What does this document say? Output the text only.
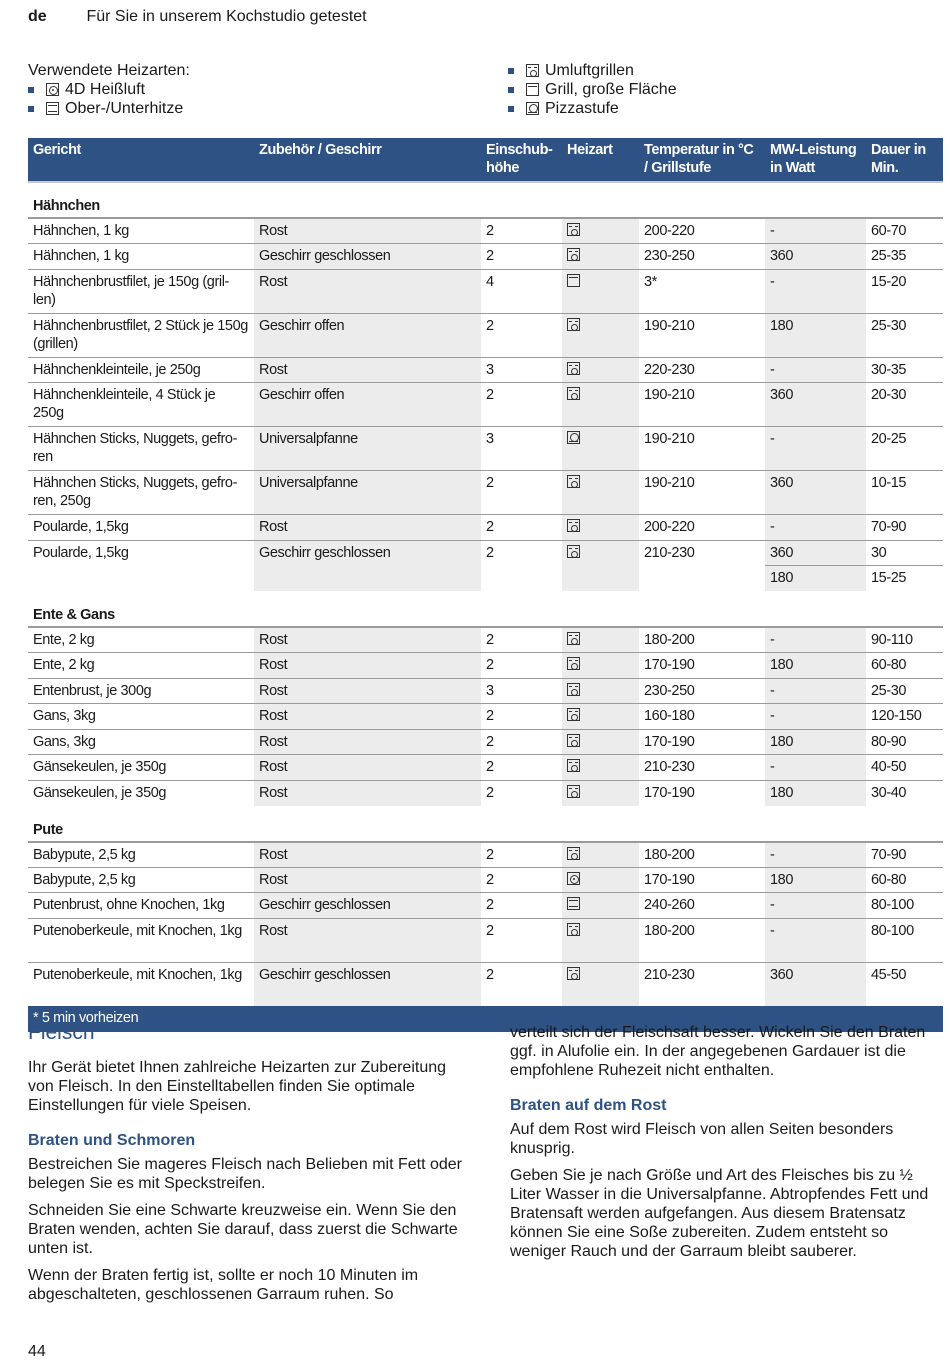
de Für Sie in unserem Kochstudio getestet
Verwendete Heizarten:
4D Heißluft
Ober-/Unterhitze
Umluftgrillen
Grill, große Fläche
Pizzastufe
Gericht	Zubehör / Geschirr	Einschub-höhe	Heizart	Temperatur in °C / Grillstufe	MW-Leistung in Watt	Dauer in Min.
Hähnchen						
Hähnchen, 1 kg	Rost	2		200-220	-	60-70
Hähnchen, 1 kg	Geschirr geschlossen	2		230-250	360	25-35
Hähnchenbrustfilet, je 150g (gril-len)	Rost	4		3*	-	15-20
Hähnchenbrustfilet, 2 Stück je 150g (grillen)	Geschirr offen	2		190-210	180	25-30
Hähnchenkleinteile, je 250g	Rost	3		220-230	-	30-35
Hähnchenkleinteile, 4 Stück je 250g	Geschirr offen	2		190-210	360	20-30
Hähnchen Sticks, Nuggets, gefro-ren	Universalpfanne	3		190-210	-	20-25
Hähnchen Sticks, Nuggets, gefro-ren, 250g	Universalpfanne	2		190-210	360	10-15
Poularde, 1,5kg	Rost	2		200-220	-	70-90
Poularde, 1,5kg	Geschirr geschlossen	2		210-230	360	30
					180	15-25
Ente & Gans						
Ente, 2 kg	Rost	2		180-200	-	90-110
Ente, 2 kg	Rost	2		170-190	180	60-80
Entenbrust, je 300g	Rost	3		230-250	-	25-30
Gans, 3kg	Rost	2		160-180	-	120-150
Gans, 3kg	Rost	2		170-190	180	80-90
Gänsekeulen, je 350g	Rost	2		210-230	-	40-50
Gänsekeulen, je 350g	Rost	2		170-190	180	30-40
Pute						
Babypute, 2,5 kg	Rost	2		180-200	-	70-90
Babypute, 2,5 kg	Rost	2		170-190	180	60-80
Putenbrust, ohne Knochen, 1kg	Geschirr geschlossen	2		240-260	-	80-100
Putenoberkeule, mit Knochen, 1kg	Rost	2		180-200	-	80-100
Putenoberkeule, mit Knochen, 1kg	Geschirr geschlossen	2		210-230	360	45-50
* 5 min vorheizen						
Fleisch

Ihr Gerät bietet Ihnen zahlreiche Heizarten zur Zubereitung von Fleisch. In den Einstelltabellen finden Sie optimale Einstellungen für viele Speisen.

Braten und Schmoren

Bestreichen Sie mageres Fleisch nach Belieben mit Fett oder belegen Sie es mit Speckstreifen.

Schneiden Sie eine Schwarte kreuzweise ein. Wenn Sie den Braten wenden, achten Sie darauf, dass zuerst die Schwarte unten ist.

Wenn der Braten fertig ist, sollte er noch 10 Minuten im abgeschalteten, geschlossenen Garraum ruhen. So

verteilt sich der Fleischsaft besser. Wickeln Sie den Braten ggf. in Alufolie ein. In der angegebenen Gardauer ist die empfohlene Ruhezeit nicht enthalten.

Braten auf dem Rost

Auf dem Rost wird Fleisch von allen Seiten besonders knusprig.

Geben Sie je nach Größe und Art des Fleisches bis zu ½ Liter Wasser in die Universalpfanne. Abtropfendes Fett und Bratensaft werden aufgefangen. Aus diesem Bratensatz können Sie eine Soße zubereiten. Zudem entsteht so weniger Rauch und der Garraum bleibt sauberer.

44
